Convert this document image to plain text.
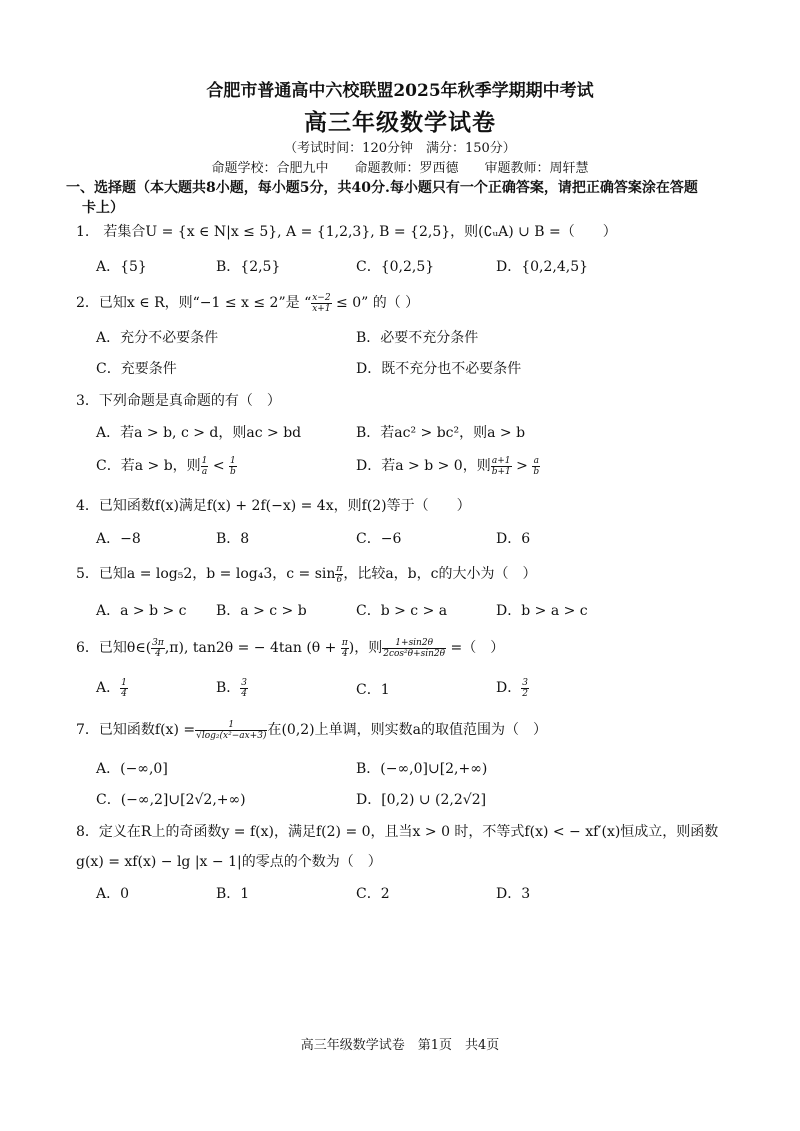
合肥市普通高中六校联盟2025年秋季学期期中考试
高三年级数学试卷
（考试时间：120分钟　满分：150分）
命题学校：合肥九中　　命题教师：罗西德　　审题教师：周轩慧
一、选择题（本大题共8小题，每小题5分，共40分.每小题只有一个正确答案，请把正确答案涂在答题
卡上）
1.　若集合U = {x ∈ N|x ≤ 5}, A = {1,2,3}, B = {2,5}，则(∁ᵤA) ∪ B =（　　）
A．{5}	B．{2,5}	C．{0,2,5}	D．{0,2,4,5}
2．已知x ∈ R，则“−1 ≤ x ≤ 2”是 “ $\frac{x-2}{x+1} \le 0$” 的（ ）
A．充分不必要条件	B．必要不充分条件
C．充要条件	D．既不充分也不必要条件
3．下列命题是真命题的有（　）
A．若a > b, c > d，则ac > bd	B．若ac² > bc²，则a > b
C．若a > b，则 $\frac{1}{a} < \frac{1}{b}$	D．若a > b > 0，则 $\frac{a+1}{b+1} > \frac{a}{b}$
4．已知函数f(x)满足f(x) + 2f(−x) = 4x，则f(2)等于（　　）
A．−8	B．8	C．−6	D．6
5．已知a = log₅2，b = log₄3，$c = \sin \frac{\pi}{6}$ ，比较a，b，c的大小为（　）
A．a > b > c B．a > c > b	C．b > c > a	D．b > a > c
6．已知θ∈( $\frac{3\pi}{4} ,\pi$), tan2θ = − 4tan ($\theta + \frac{\pi}{4}$ )，则 $\frac{1+\sin 2\theta}{\text{2cos²θ+sin2θ}}$ =（　）
A． $\frac{1}{4}$	B． $\frac{3}{4}$	C．1	D． $\frac{3}{2}$
7．已知函数$f(x) = \frac{1}{\text{√log₂(x²−ax+3)}}$ 在(0,2)上单调，则实数a的取值范围为（　）
A．(−∞,0]	B．(−∞,0]∪[2,+∞)
C．(−∞,2]∪[2√2,+∞)	D．[0,2) ∪ (2,2√2]
8．定义在R上的奇函数y = f(x)，满足f(2) = 0，且当x > 0 时，不等式f(x) < − xf′(x)恒成立，则函数
g(x) = xf(x) − lg |x − 1|的零点的个数为（　）
A．0	B．1	C．2	D．3
高三年级数学试卷　第1页　共4页
